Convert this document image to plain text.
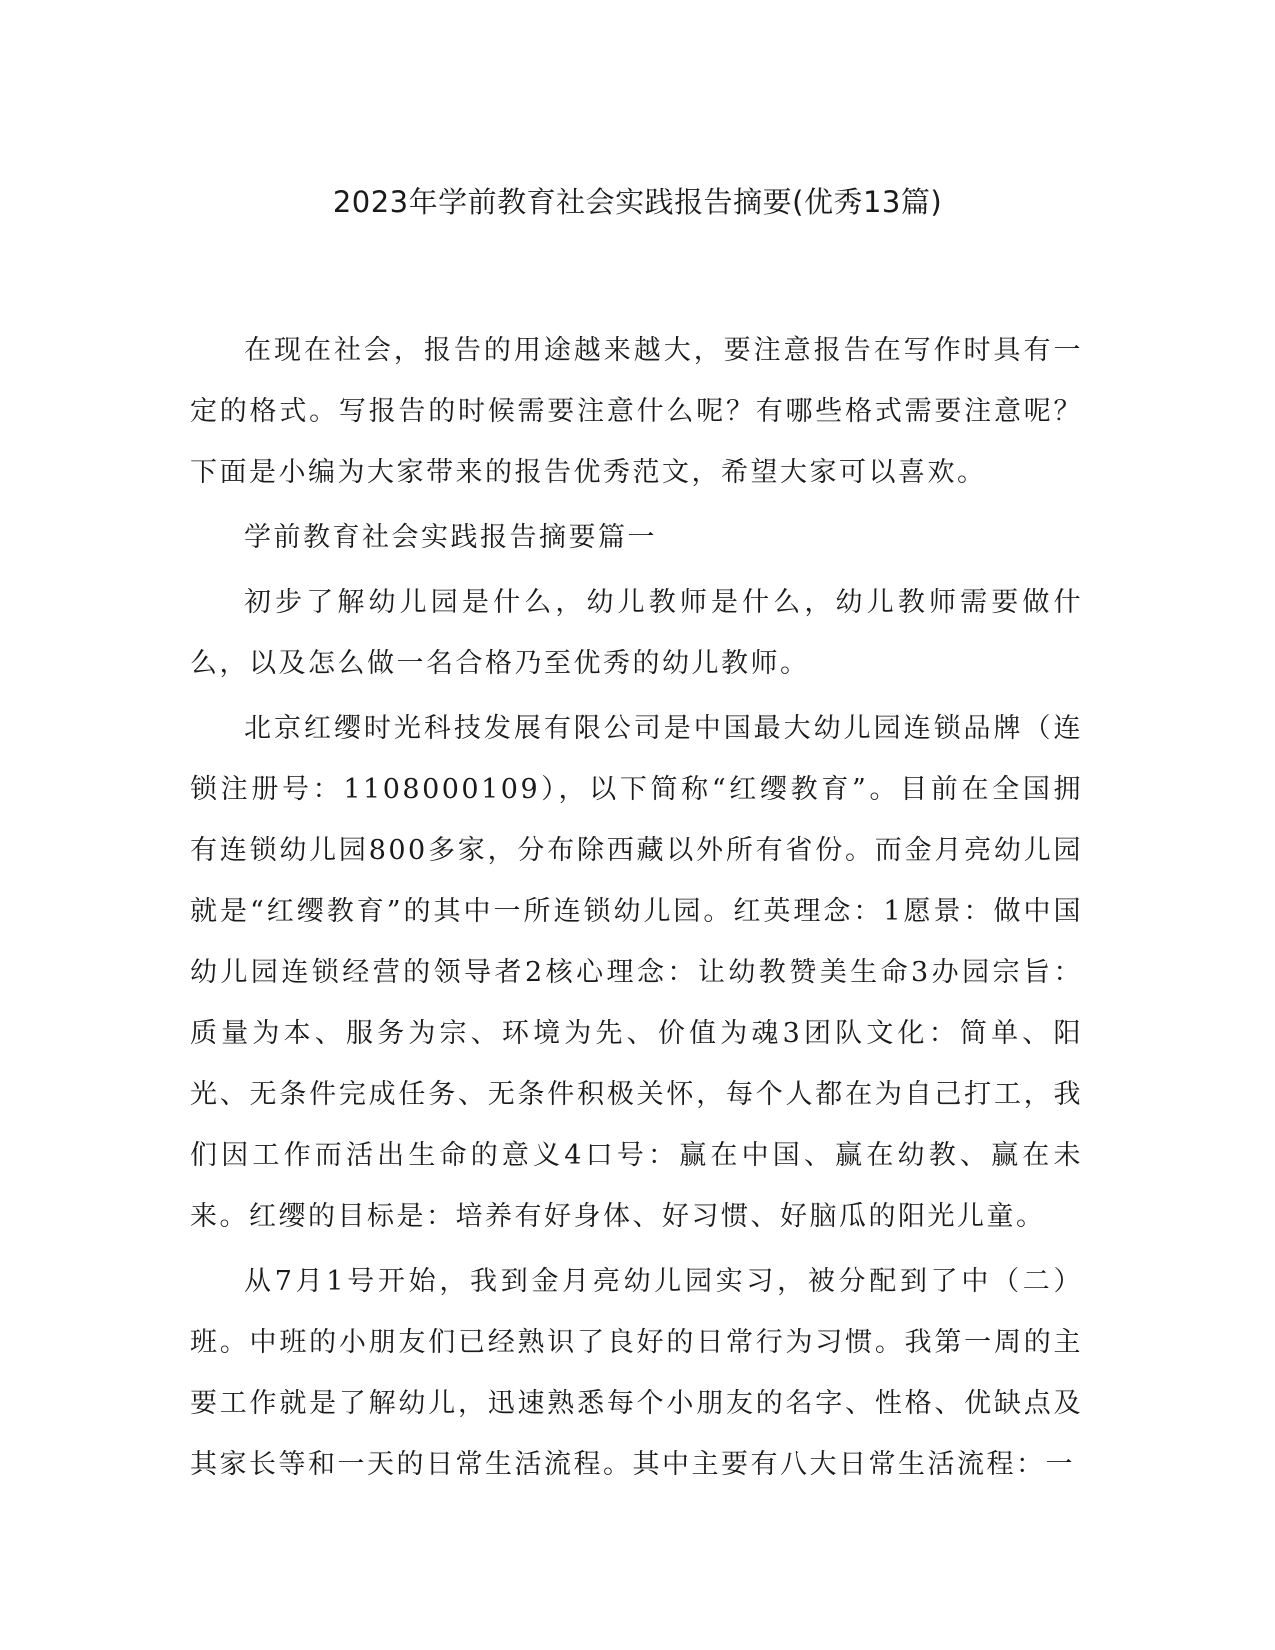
2023年学前教育社会实践报告摘要(优秀13篇)

在现在社会，报告的用途越来越大，要注意报告在写作时具有一定的格式。写报告的时候需要注意什么呢？有哪些格式需要注意呢？下面是小编为大家带来的报告优秀范文，希望大家可以喜欢。

学前教育社会实践报告摘要篇一

初步了解幼儿园是什么，幼儿教师是什么，幼儿教师需要做什么，以及怎么做一名合格乃至优秀的幼儿教师。

北京红缨时光科技发展有限公司是中国最大幼儿园连锁品牌（连锁注册号：1108000109），以下简称“红缨教育”。目前在全国拥有连锁幼儿园800多家，分布除西藏以外所有省份。而金月亮幼儿园就是“红缨教育”的其中一所连锁幼儿园。红英理念：1愿景：做中国幼儿园连锁经营的领导者2核心理念：让幼教赞美生命3办园宗旨：质量为本、服务为宗、环境为先、价值为魂3团队文化：简单、阳光、无条件完成任务、无条件积极关怀，每个人都在为自己打工，我们因工作而活出生命的意义4口号：赢在中国、赢在幼教、赢在未来。红缨的目标是：培养有好身体、好习惯、好脑瓜的阳光儿童。

从7月1号开始，我到金月亮幼儿园实习，被分配到了中（二）班。中班的小朋友们已经熟识了良好的日常行为习惯。我第一周的主要工作就是了解幼儿，迅速熟悉每个小朋友的名字、性格、优缺点及其家长等和一天的日常生活流程。其中主要有八大日常生活流程：一
